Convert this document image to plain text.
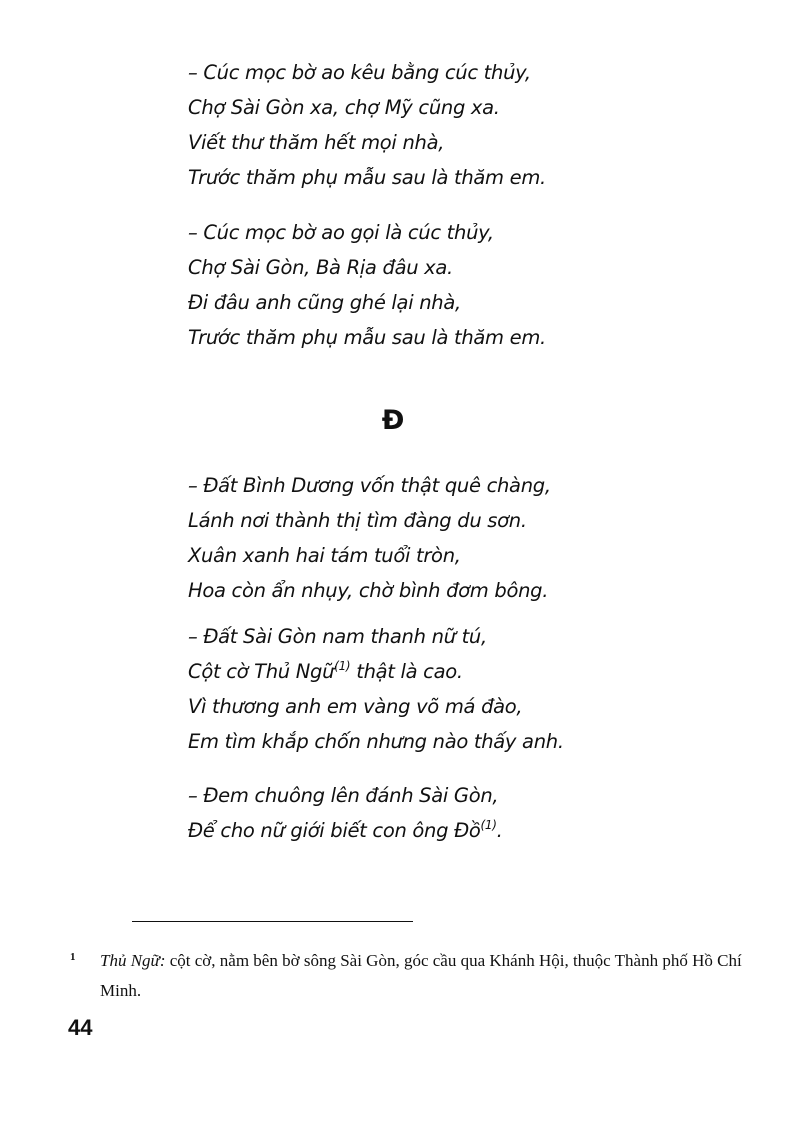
– Cúc mọc bờ ao kêu bằng cúc thủy,
Chợ Sài Gòn xa, chợ Mỹ cũng xa.
Viết thư thăm hết mọi nhà,
Trước thăm phụ mẫu sau là thăm em.
– Cúc mọc bờ ao gọi là cúc thủy,
Chợ Sài Gòn, Bà Rịa đâu xa.
Đi đâu anh cũng ghé lại nhà,
Trước thăm phụ mẫu sau là thăm em.
Đ
– Đất Bình Dương vốn thật quê chàng,
Lánh nơi thành thị tìm đàng du sơn.
Xuân xanh hai tám tuổi tròn,
Hoa còn ẩn nhụy, chờ bình đơm bông.
– Đất Sài Gòn nam thanh nữ tú,
Cột cờ Thủ Ngữ$^{(1)}$ thật là cao.
Vì thương anh em vàng võ má đào,
Em tìm khắp chốn nhưng nào thấy anh.
– Đem chuông lên đánh Sài Gòn,
Để cho nữ giới biết con ông Đồ$^{(1)}$.
1 Thủ Ngữ: cột cờ, nằm bên bờ sông Sài Gòn, góc cầu qua Khánh Hội, thuộc Thành phố Hồ Chí Minh.
44
